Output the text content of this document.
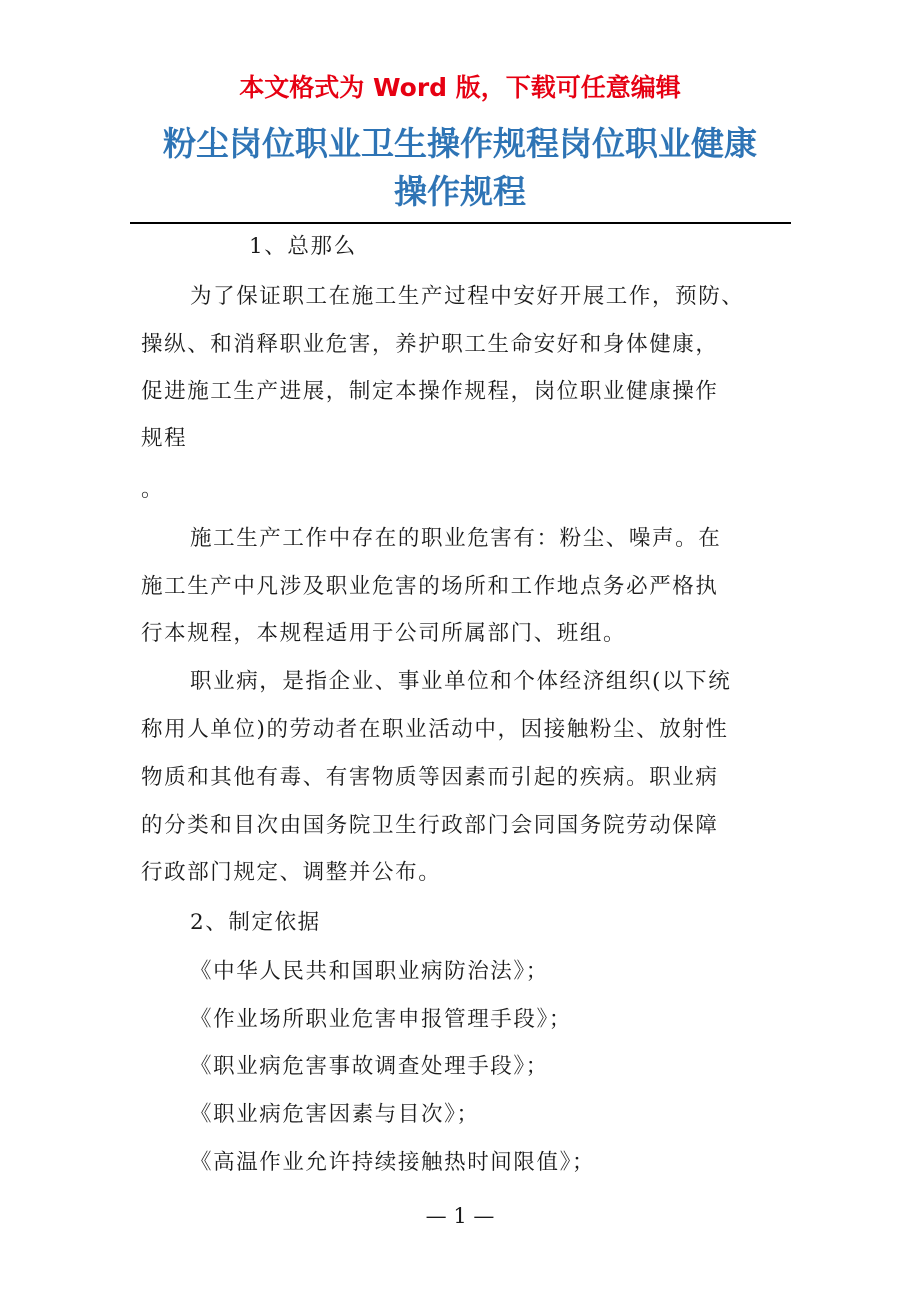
本文格式为 Word 版，下载可任意编辑
粉尘岗位职业卫生操作规程岗位职业健康
操作规程
1、总那么
为了保证职工在施工生产过程中安好开展工作，预防、
操纵、和消释职业危害，养护职工生命安好和身体健康，
促进施工生产进展，制定本操作规程，岗位职业健康操作
规程
。
施工生产工作中存在的职业危害有：粉尘、噪声。在
施工生产中凡涉及职业危害的场所和工作地点务必严格执
行本规程，本规程适用于公司所属部门、班组。
职业病，是指企业、事业单位和个体经济组织(以下统
称用人单位)的劳动者在职业活动中，因接触粉尘、放射性
物质和其他有毒、有害物质等因素而引起的疾病。职业病
的分类和目次由国务院卫生行政部门会同国务院劳动保障
行政部门规定、调整并公布。
2、制定依据
《中华人民共和国职业病防治法》；
《作业场所职业危害申报管理手段》；
《职业病危害事故调查处理手段》；
《职业病危害因素与目次》；
《高温作业允许持续接触热时间限值》；
— 1 —
